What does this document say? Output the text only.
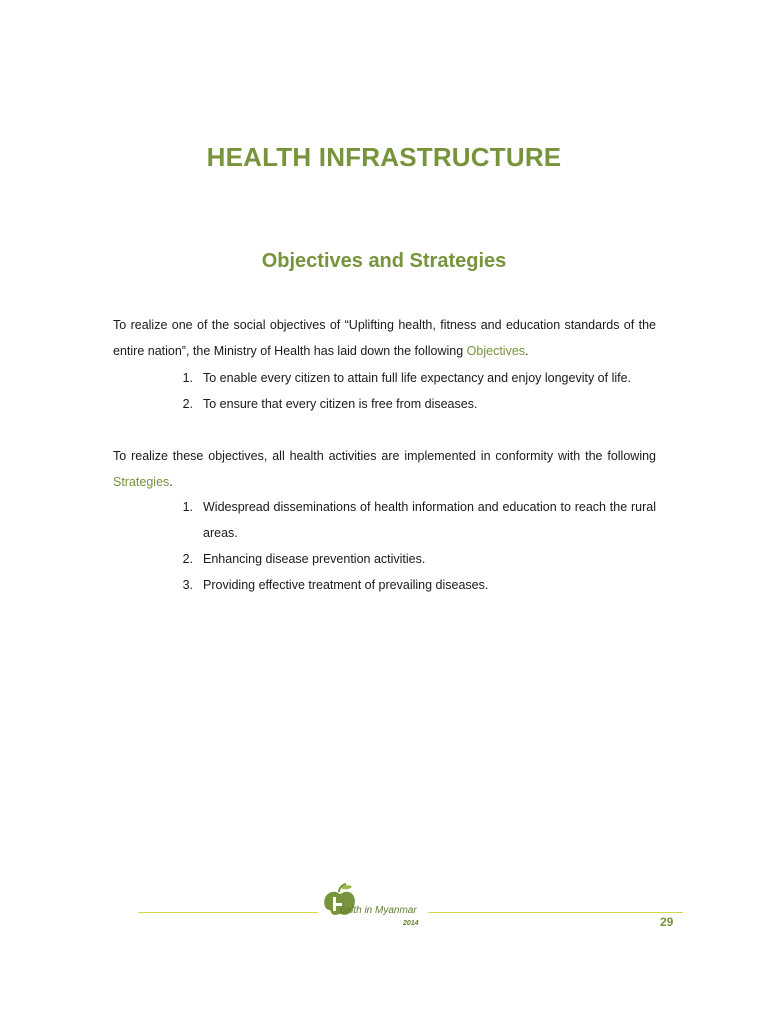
HEALTH INFRASTRUCTURE
Objectives and Strategies
To realize one of the social objectives of “Uplifting health, fitness and education standards of the entire nation”, the Ministry of Health has laid down the following Objectives.
1. To enable every citizen to attain full life expectancy and enjoy longevity of life.
2. To ensure that every citizen is free from diseases.
To realize these objectives, all health activities are implemented in conformity with the following Strategies.
1. Widespread disseminations of health information and education to reach the rural areas.
2. Enhancing disease prevention activities.
3. Providing effective treatment of prevailing diseases.
ealth in Myanmar
2014	29
